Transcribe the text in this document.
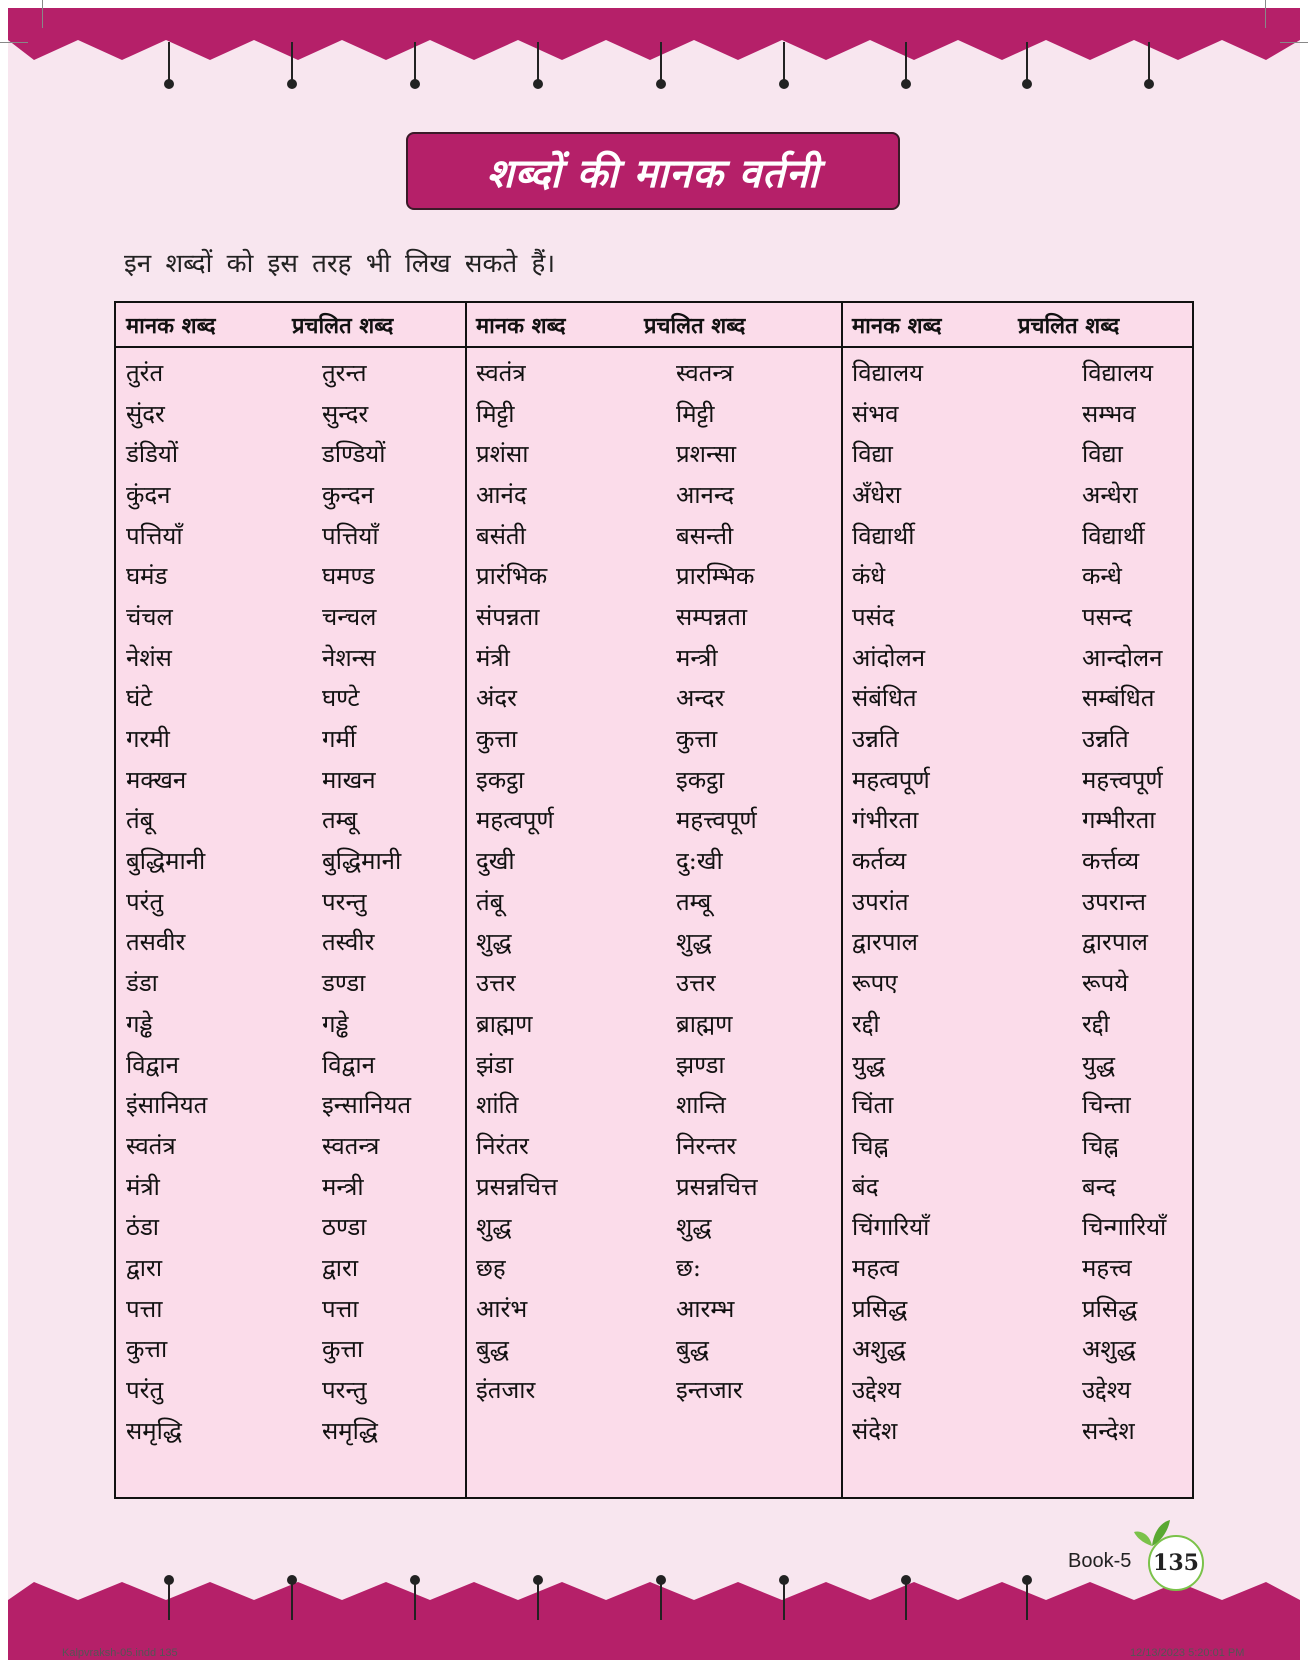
शब्दों की मानक वर्तनी
इन शब्दों को इस तरह भी लिख सकते हैं।
मानक शब्द	प्रचलित शब्द
तुरंत	तुरन्त
सुंदर	सुन्दर
डंडियों	डण्डियों
कुंदन	कुन्दन
पत्तियाँ	पत्तियाँ
घमंड	घमण्ड
चंचल	चन्चल
नेशंस	नेशन्स
घंटे	घण्टे
गरमी	गर्मी
मक्खन	माखन
तंबू	तम्बू
बुद्धिमानी	बुद्धिमानी
परंतु	परन्तु
तसवीर	तस्वीर
डंडा	डण्डा
गड्ढे	गड्ढे
विद्वान	विद्वान
इंसानियत	इन्सानियत
स्वतंत्र	स्वतन्त्र
मंत्री	मन्त्री
ठंडा	ठण्डा
द्वारा	द्वारा
पत्ता	पत्ता
कुत्ता	कुत्ता
परंतु	परन्तु
समृद्धि	समृद्धि
मानक शब्द	प्रचलित शब्द
स्वतंत्र	स्वतन्त्र
मिट्टी	मिट्टी
प्रशंसा	प्रशन्सा
आनंद	आनन्द
बसंती	बसन्ती
प्रारंभिक	प्रारम्भिक
संपन्नता	सम्पन्नता
मंत्री	मन्त्री
अंदर	अन्दर
कुत्ता	कुत्ता
इकट्ठा	इकट्ठा
महत्वपूर्ण	महत्त्वपूर्ण
दुखी	दु:खी
तंबू	तम्बू
शुद्ध	शुद्ध
उत्तर	उत्तर
ब्राह्मण	ब्राह्मण
झंडा	झण्डा
शांति	शान्ति
निरंतर	निरन्तर
प्रसन्नचित्त	प्रसन्नचित्त
शुद्ध	शुद्ध
छह	छ:
आरंभ	आरम्भ
बुद्ध	बुद्ध
इंतजार	इन्तजार
मानक शब्द	प्रचलित शब्द
विद्यालय	विद्यालय
संभव	सम्भव
विद्या	विद्या
अँधेरा	अन्धेरा
विद्यार्थी	विद्यार्थी
कंधे	कन्धे
पसंद	पसन्द
आंदोलन	आन्दोलन
संबंधित	सम्बंधित
उन्नति	उन्नति
महत्वपूर्ण	महत्त्वपूर्ण
गंभीरता	गम्भीरता
कर्तव्य	कर्त्तव्य
उपरांत	उपरान्त
द्वारपाल	द्वारपाल
रूपए	रूपये
रद्दी	रद्दी
युद्ध	युद्ध
चिंता	चिन्ता
चिह्न	चिह्न
बंद	बन्द
चिंगारियाँ	चिन्गारियाँ
महत्व	महत्त्व
प्रसिद्ध	प्रसिद्ध
अशुद्ध	अशुद्ध
उद्देश्य	उद्देश्य
संदेश	सन्देश
Book-5 135
Kalpvraksh-05.indd 135	12/13/2023 5:20:01 PM
